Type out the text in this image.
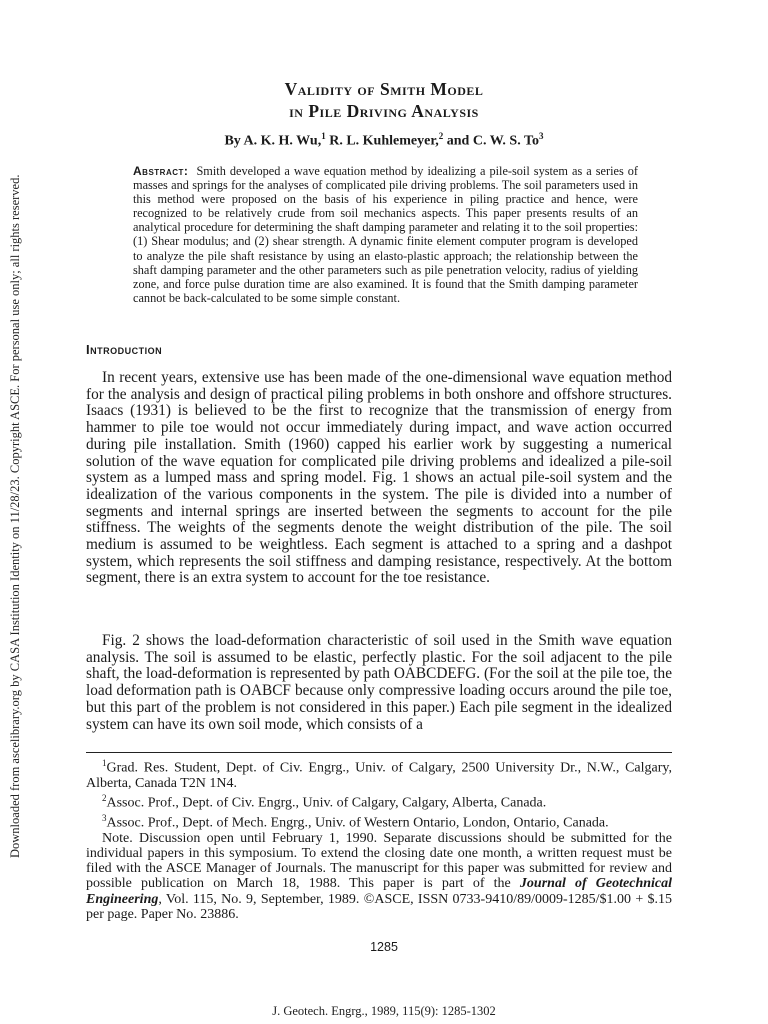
Downloaded from ascelibrary.org by CASA Institution Identity on 11/28/23. Copyright ASCE. For personal use only; all rights reserved.
Validity of Smith Model
in Pile Driving Analysis
By A. K. H. Wu,$^1$ R. L. Kuhlemeyer,$^2$ and C. W. S. To$^3$

Abstract: Smith developed a wave equation method by idealizing a pile-soil system as a series of masses and springs for the analyses of complicated pile driving problems. The soil parameters used in this method were proposed on the basis of his experience in piling practice and hence, were recognized to be relatively crude from soil mechanics aspects. This paper presents results of an analytical procedure for determining the shaft damping parameter and relating it to the soil properties: (1) Shear modulus; and (2) shear strength. A dynamic finite element computer program is developed to analyze the pile shaft resistance by using an elasto-plastic approach; the relationship between the shaft damping parameter and the other parameters such as pile penetration velocity, radius of yielding zone, and force pulse duration time are also examined. It is found that the Smith damping parameter cannot be back-calculated to be some simple constant.

Introduction

In recent years, extensive use has been made of the one-dimensional wave equation method for the analysis and design of practical piling problems in both onshore and offshore structures. Isaacs (1931) is believed to be the first to recognize that the transmission of energy from hammer to pile toe would not occur immediately during impact, and wave action occurred during pile installation. Smith (1960) capped his earlier work by suggesting a numerical solution of the wave equation for complicated pile driving problems and idealized a pile-soil system as a lumped mass and spring model. Fig. 1 shows an actual pile-soil system and the idealization of the various components in the system. The pile is divided into a number of segments and internal springs are inserted between the segments to account for the pile stiffness. The weights of the segments denote the weight distribution of the pile. The soil medium is assumed to be weightless. Each segment is attached to a spring and a dashpot system, which represents the soil stiffness and damping resistance, respectively. At the bottom segment, there is an extra system to account for the toe resistance.

Fig. 2 shows the load-deformation characteristic of soil used in the Smith wave equation analysis. The soil is assumed to be elastic, perfectly plastic. For the soil adjacent to the pile shaft, the load-deformation is represented by path OABCDEFG. (For the soil at the pile toe, the load deformation path is OABCF because only compressive loading occurs around the pile toe, but this part of the problem is not considered in this paper.) Each pile segment in the idealized system can have its own soil mode, which consists of a

$^1$Grad. Res. Student, Dept. of Civ. Engrg., Univ. of Calgary, 2500 University Dr., N.W., Calgary, Alberta, Canada T2N 1N4.

$^2$Assoc. Prof., Dept. of Civ. Engrg., Univ. of Calgary, Calgary, Alberta, Canada.

$^3$Assoc. Prof., Dept. of Mech. Engrg., Univ. of Western Ontario, London, Ontario, Canada.

Note. Discussion open until February 1, 1990. Separate discussions should be submitted for the individual papers in this symposium. To extend the closing date one month, a written request must be filed with the ASCE Manager of Journals. The manuscript for this paper was submitted for review and possible publication on March 18, 1988. This paper is part of the Journal of Geotechnical Engineering, Vol. 115, No. 9, September, 1989. ©ASCE, ISSN 0733-9410/89/0009-1285/$1.00 + $.15 per page. Paper No. 23886.

1285
J. Geotech. Engrg., 1989, 115(9): 1285-1302
